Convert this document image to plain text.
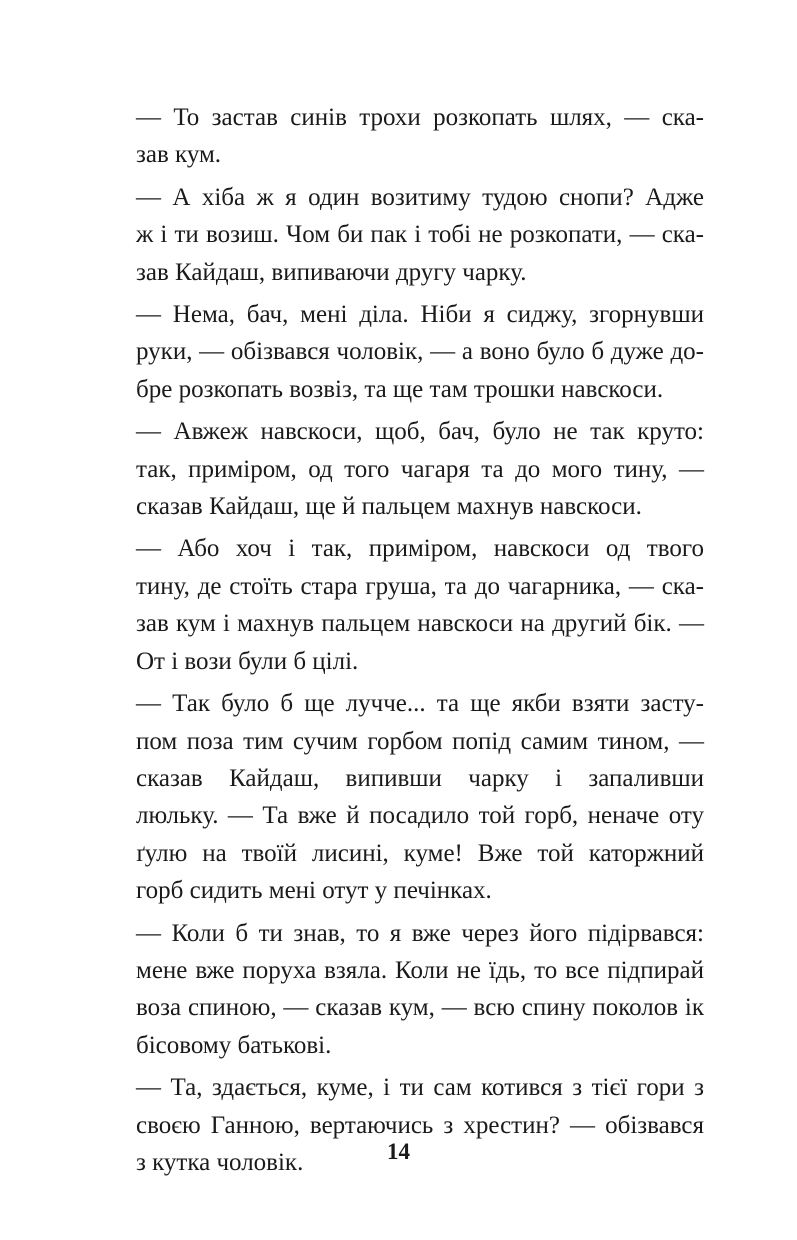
— То застав синів трохи розкопать шлях, — ска-
зав кум.

— А хіба ж я один возитиму тудою снопи? Адже
ж і ти возиш. Чом би пак і тобі не розкопати, — ска-
зав Кайдаш, випиваючи другу чарку.

— Нема, бач, мені діла. Ніби я сиджу, згорнувши
руки, — обізвався чоловік, — а воно було б дуже до-
бре розкопать возвіз, та ще там трошки навскоси.

— Авжеж навскоси, щоб, бач, було не так круто:
так, приміром, од того чагаря та до мого тину, —
сказав Кайдаш, ще й пальцем махнув навскоси.

— Або хоч і так, приміром, навскоси од твого
тину, де стоїть стара груша, та до чагарника, — ска-
зав кум і махнув пальцем навскоси на другий бік. —
От і вози були б цілі.

— Так було б ще лучче... та ще якби взяти засту-
пом поза тим сучим горбом попід самим тином, —
сказав Кайдаш, випивши чарку і запаливши
люльку. — Та вже й посадило той горб, неначе оту
ґулю на твоїй лисині, куме! Вже той каторжний
горб сидить мені отут у печінках.

— Коли б ти знав, то я вже через його підірвався:
мене вже поруха взяла. Коли не їдь, то все підпирай
воза спиною, — сказав кум, — всю спину поколов ік
бісовому батькові.

— Та, здається, куме, і ти сам котився з тієї гори з
своєю Ганною, вертаючись з хрестин? — обізвався
з кутка чоловік.	14
